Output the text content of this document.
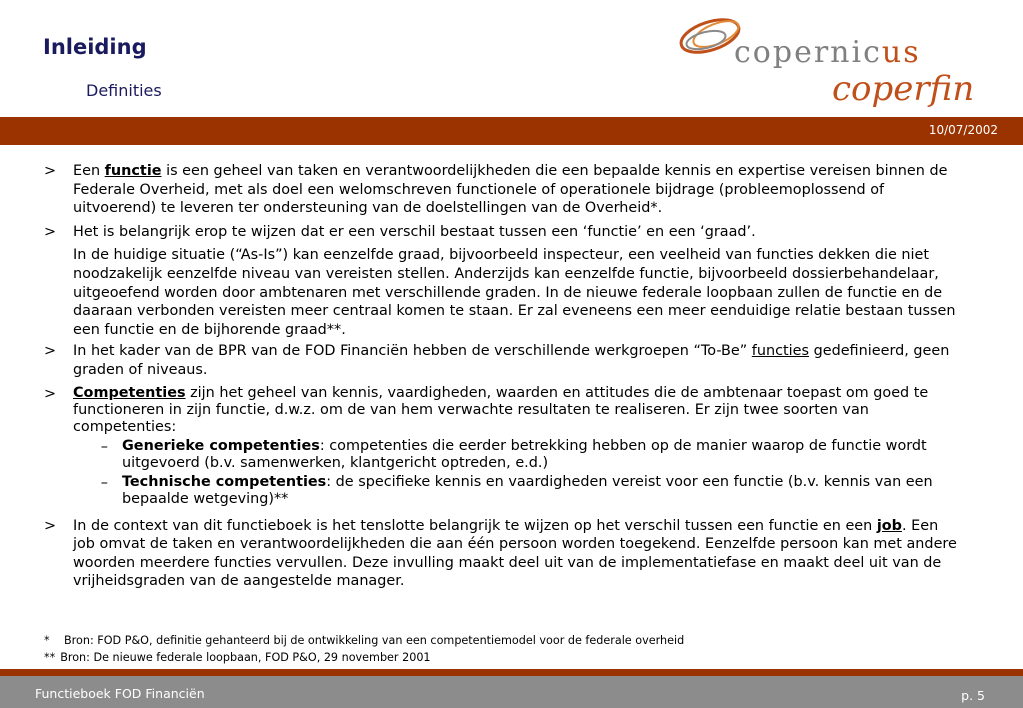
Inleiding
Definities
copernicus
coperfin
10/07/2002
>	Een functie is een geheel van taken en verantwoordelijkheden die een bepaalde kennis en expertise vereisen binnen de Federale Overheid, met als doel een welomschreven functionele of operationele bijdrage (probleemoplossend of uitvoerend) te leveren ter ondersteuning van de doelstellingen van de Overheid*.
>	Het is belangrijk erop te wijzen dat er een verschil bestaat tussen een ‘functie’ en een ‘graad’.
In de huidige situatie (“As-Is”) kan eenzelfde graad, bijvoorbeeld inspecteur, een veelheid van functies dekken die niet noodzakelijk eenzelfde niveau van vereisten stellen. Anderzijds kan eenzelfde functie, bijvoorbeeld dossierbehandelaar, uitgeoefend worden door ambtenaren met verschillende graden. In de nieuwe federale loopbaan zullen de functie en de daaraan verbonden vereisten meer centraal komen te staan. Er zal eveneens een meer eenduidige relatie bestaan tussen een functie en de bijhorende graad**.
>	In het kader van de BPR van de FOD Financiën hebben de verschillende werkgroepen “To-Be” functies gedefinieerd, geen graden of niveaus.
>	Competenties zijn het geheel van kennis, vaardigheden, waarden en attitudes die de ambtenaar toepast om goed te functioneren in zijn functie, d.w.z. om de van hem verwachte resultaten te realiseren. Er zijn twee soorten van competenties:
– Generieke competenties: competenties die eerder betrekking hebben op de manier waarop de functie wordt uitgevoerd (b.v. samenwerken, klantgericht optreden, e.d.)
– Technische competenties: de specifieke kennis en vaardigheden vereist voor een functie (b.v. kennis van een bepaalde wetgeving)**
>	In de context van dit functieboek is het tenslotte belangrijk te wijzen op het verschil tussen een functie en een job. Een job omvat de taken en verantwoordelijkheden die aan één persoon worden toegekend. Eenzelfde persoon kan met andere woorden meerdere functies vervullen. Deze invulling maakt deel uit van de implementatiefase en maakt deel uit van de vrijheidsgraden van de aangestelde manager.
*	Bron: FOD P&O, definitie gehanteerd bij de ontwikkeling van een competentiemodel voor de federale overheid
** Bron: De nieuwe federale loopbaan, FOD P&O, 29 november 2001
Functieboek FOD Financiën	p. 5
